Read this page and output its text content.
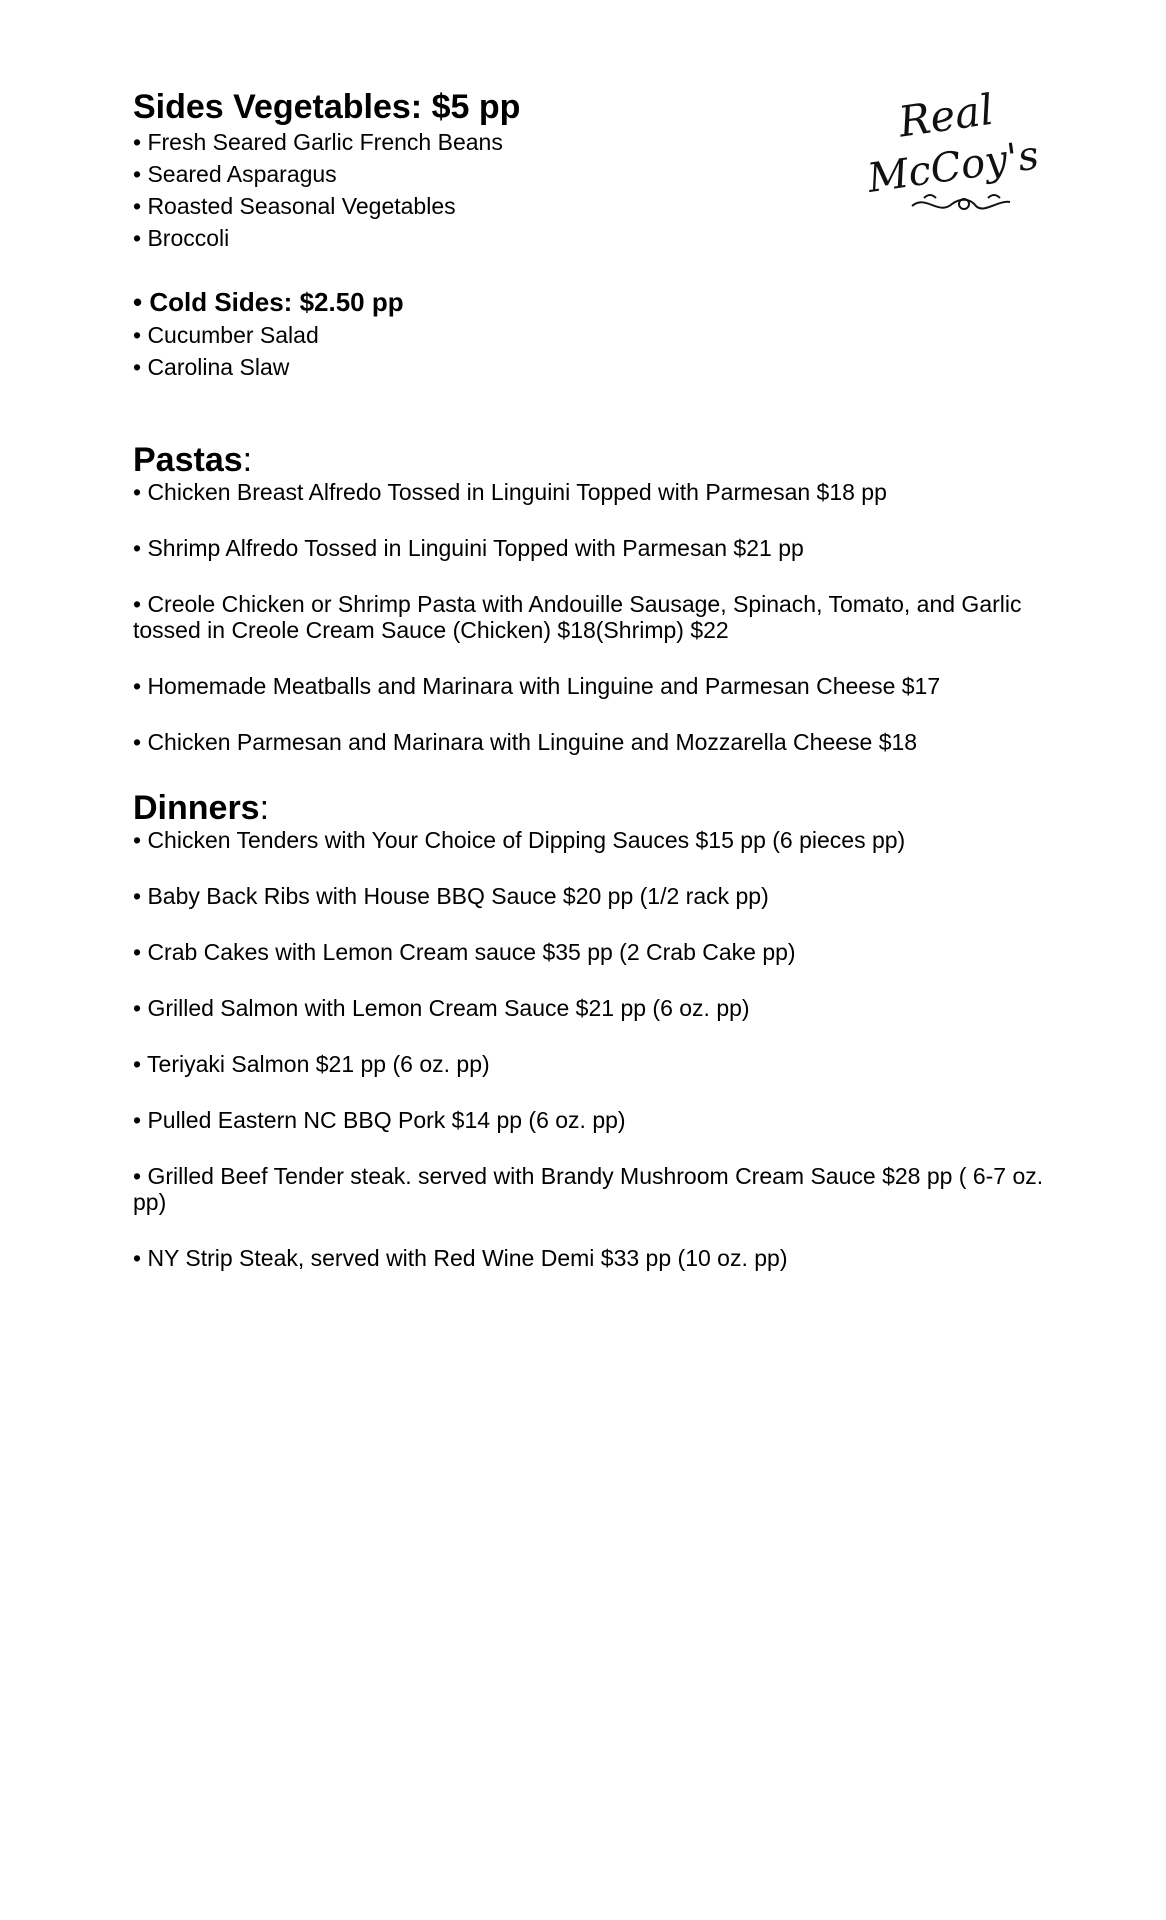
Real
McCoy's
Sides Vegetables: $5 pp
• Fresh Seared Garlic French Beans
• Seared Asparagus
• Roasted Seasonal Vegetables
• Broccoli
• Cold Sides: $2.50 pp
• Cucumber Salad
• Carolina Slaw
Pastas:
• Chicken Breast Alfredo Tossed in Linguini Topped with Parmesan $18 pp
• Shrimp Alfredo Tossed in Linguini Topped with Parmesan $21 pp
• Creole Chicken or Shrimp Pasta with Andouille Sausage, Spinach, Tomato, and Garlic tossed in Creole Cream Sauce (Chicken) $18(Shrimp) $22
• Homemade Meatballs and Marinara with Linguine and Parmesan Cheese $17
• Chicken Parmesan and Marinara with Linguine and Mozzarella Cheese $18
Dinners:
• Chicken Tenders with Your Choice of Dipping Sauces $15 pp (6 pieces pp)
• Baby Back Ribs with House BBQ Sauce $20 pp (1/2 rack pp)
• Crab Cakes with Lemon Cream sauce $35 pp (2 Crab Cake pp)
• Grilled Salmon with Lemon Cream Sauce $21 pp (6 oz. pp)
• Teriyaki Salmon $21 pp (6 oz. pp)
• Pulled Eastern NC BBQ Pork $14 pp (6 oz. pp)
• Grilled Beef Tender steak. served with Brandy Mushroom Cream Sauce $28 pp ( 6-7 oz. pp)
• NY Strip Steak, served with Red Wine Demi $33 pp (10 oz. pp)
